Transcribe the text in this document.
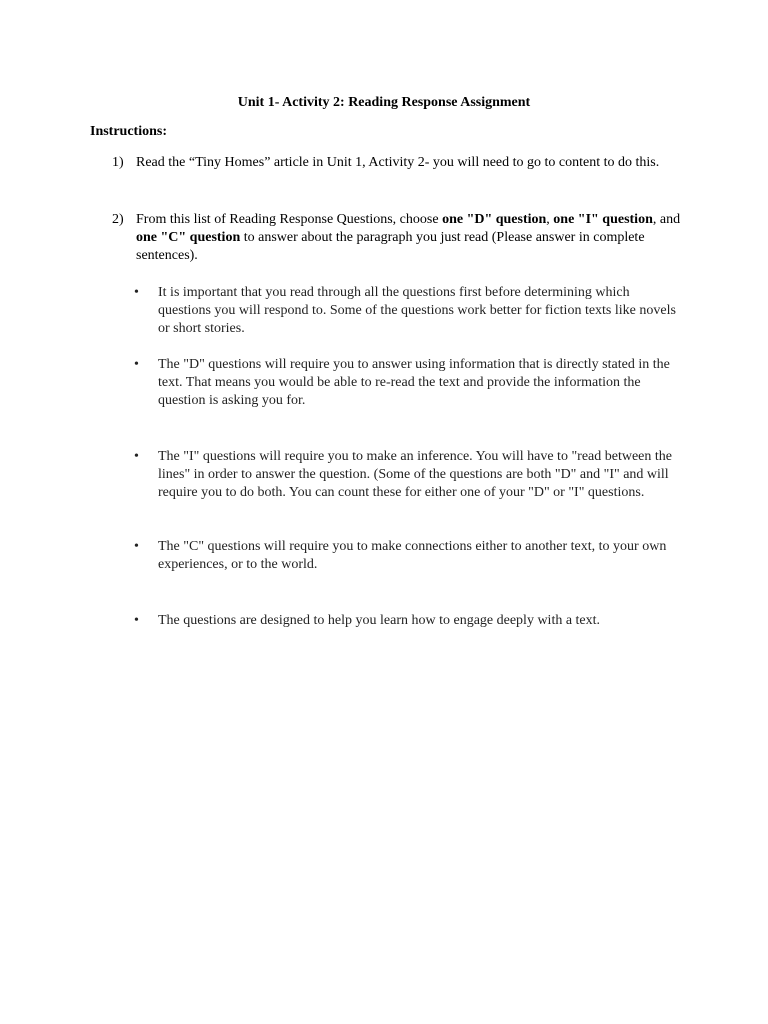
Unit 1- Activity 2: Reading Response Assignment
Instructions:
1) Read the “Tiny Homes” article in Unit 1, Activity 2- you will need to go to content to do this.
2) From this list of Reading Response Questions, choose one "D" question, one "I" question, and one "C" question to answer about the paragraph you just read (Please answer in complete sentences).
•	It is important that you read through all the questions first before determining which questions you will respond to. Some of the questions work better for fiction texts like novels or short stories.
•	The "D" questions will require you to answer using information that is directly stated in the text. That means you would be able to re-read the text and provide the information the question is asking you for.
•	The "I" questions will require you to make an inference. You will have to "read between the lines" in order to answer the question. (Some of the questions are both "D" and "I" and will require you to do both. You can count these for either one of your "D" or "I" questions.
•	The "C" questions will require you to make connections either to another text, to your own experiences, or to the world.
•	The questions are designed to help you learn how to engage deeply with a text.
